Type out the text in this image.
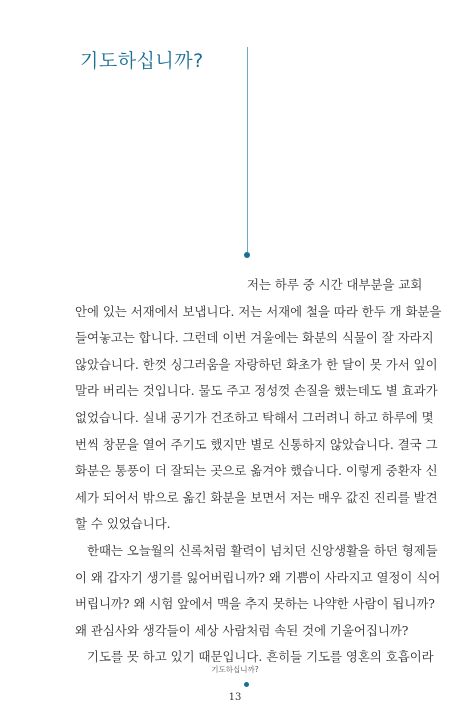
기도하십니까?
저는 하루 중 시간 대부분을 교회
안에 있는 서재에서 보냅니다. 저는 서재에 철을 따라 한두 개 화분을
들여놓고는 합니다. 그런데 이번 겨울에는 화분의 식물이 잘 자라지
않았습니다. 한껏 싱그러움을 자랑하던 화초가 한 달이 못 가서 잎이
말라 버리는 것입니다. 물도 주고 정성껏 손질을 했는데도 별 효과가
없었습니다. 실내 공기가 건조하고 탁해서 그러려니 하고 하루에 몇
번씩 창문을 열어 주기도 했지만 별로 신통하지 않았습니다. 결국 그
화분은 통풍이 더 잘되는 곳으로 옮겨야 했습니다. 이렇게 중환자 신
세가 되어서 밖으로 옮긴 화분을 보면서 저는 매우 값진 진리를 발견
할 수 있었습니다.
한때는 오늘월의 신록처럼 활력이 넘치던 신앙생활을 하던 형제들
이 왜 갑자기 생기를 잃어버립니까? 왜 기쁨이 사라지고 열정이 식어
버립니까? 왜 시험 앞에서 맥을 추지 못하는 나약한 사람이 됩니까?
왜 관심사와 생각들이 세상 사람처럼 속된 것에 기울어집니까?
기도를 못 하고 있기 때문입니다. 흔히들 기도를 영혼의 호흡이라
기도하십니까?
13
